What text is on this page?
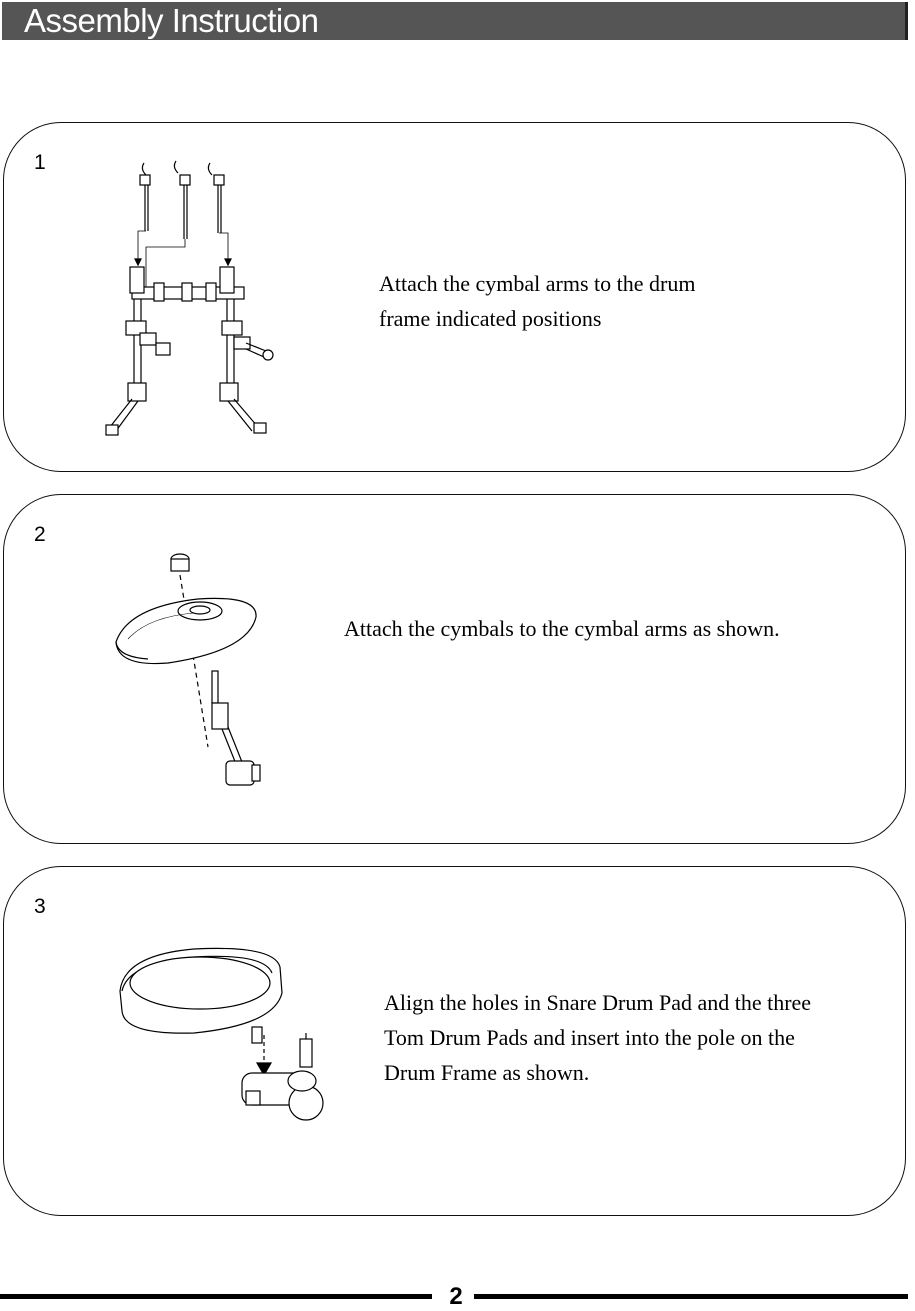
Assembly Instruction
1
Attach the cymbal arms to the drum
frame indicated positions
2
Attach the cymbals to the cymbal arms as shown.
3
Align the holes in Snare Drum Pad and the three
Tom Drum Pads and insert into the pole on the
Drum Frame as shown.
2
